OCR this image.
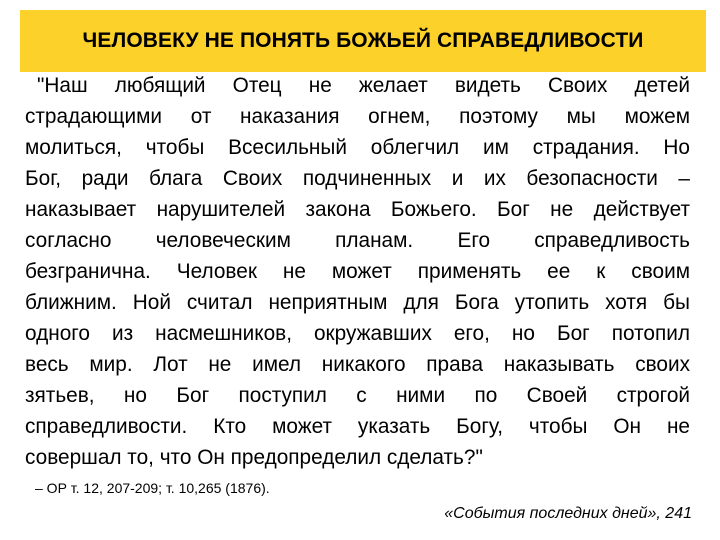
ЧЕЛОВЕКУ НЕ ПОНЯТЬ БОЖЬЕЙ СПРАВЕДЛИВОСТИ
"Наш любящий Отец не желает видеть Своих детей
страдающими от наказания огнем, поэтому мы можем
молиться, чтобы Всесильный облегчил им страдания. Но
Бог, ради блага Своих подчиненных и их безопасности –
наказывает нарушителей закона Божьего. Бог не действует
согласно человеческим планам. Его справедливость
безгранична. Человек не может применять ее к своим
ближним. Ной считал неприятным для Бога утопить хотя бы
одного из насмешников, окружавших его, но Бог потопил
весь мир. Лот не имел никакого права наказывать своих
зятьев, но Бог поступил с ними по Своей строгой
справедливости. Кто может указать Богу, чтобы Он не
совершал то, что Он предопределил сделать?"
– ОР т. 12, 207-209; т. 10,265 (1876).
«События последних дней», 241
